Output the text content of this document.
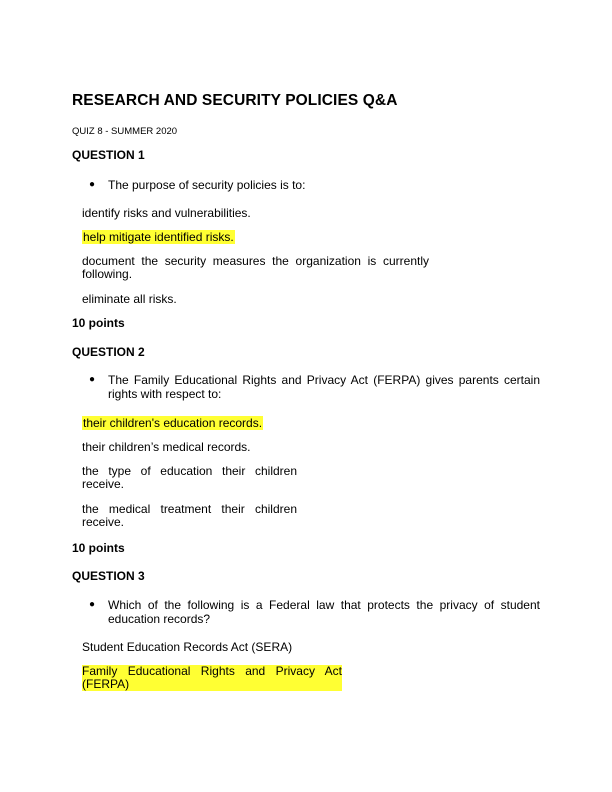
RESEARCH AND SECURITY POLICIES Q&A
QUIZ 8 - SUMMER 2020
QUESTION 1
● The purpose of security policies is to:
identify risks and vulnerabilities.
help mitigate identified risks.
document the security measures the organization is currently following.
eliminate all risks.
10 points
QUESTION 2
● The Family Educational Rights and Privacy Act (FERPA) gives parents certain rights with respect to:
their children's education records.
their children’s medical records.
the type of education their children receive.
the medical treatment their children receive.
10 points
QUESTION 3
● Which of the following is a Federal law that protects the privacy of student education records?
Student Education Records Act (SERA)
Family Educational Rights and Privacy Act (FERPA)
